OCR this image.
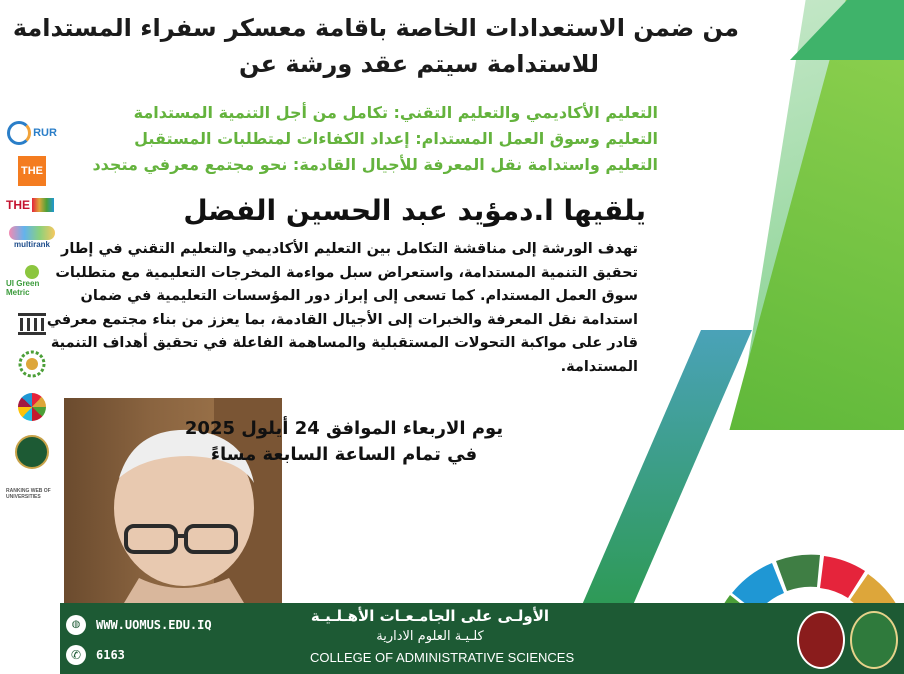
RUR
THE
THE
multirank
UI Green Metric
RANKING WEB OF UNIVERSITIES
من ضمن الاستعدادات الخاصة باقامة معسكر سفراء المستدامة
للاستدامة سيتم عقد ورشة عن
التعليم الأكاديمي والتعليم التقني: تكامل من أجل التنمية المستدامة
التعليم وسوق العمل المستدام: إعداد الكفاءات لمتطلبات المستقبل
التعليم واستدامة نقل المعرفة للأجيال القادمة: نحو مجتمع معرفي متجدد
يلقيها ا.دمؤيد عبد الحسين الفضل
تهدف الورشة إلى مناقشة التكامل بين التعليم الأكاديمي والتعليم التقني في إطار
تحقيق التنمية المستدامة، واستعراض سبل مواءمة المخرجات التعليمية مع متطلبات
سوق العمل المستدام. كما تسعى إلى إبراز دور المؤسسات التعليمية في ضمان
استدامة نقل المعرفة والخبرات إلى الأجيال القادمة، بما يعزز من بناء مجتمع معرفي
قادر على مواكبة التحولات المستقبلية والمساهمة الفاعلة في تحقيق أهداف التنمية
المستدامة.
يوم الاربعاء الموافق 24 أيلول 2025
في تمام الساعة السابعة مساءً
◍	WWW.UOMUS.EDU.IQ
✆	6163
الأولـى على الجامـعـات الأهـلـيـة
كلـيـة العلوم الادارية
COLLEGE OF ADMINISTRATIVE SCIENCES
